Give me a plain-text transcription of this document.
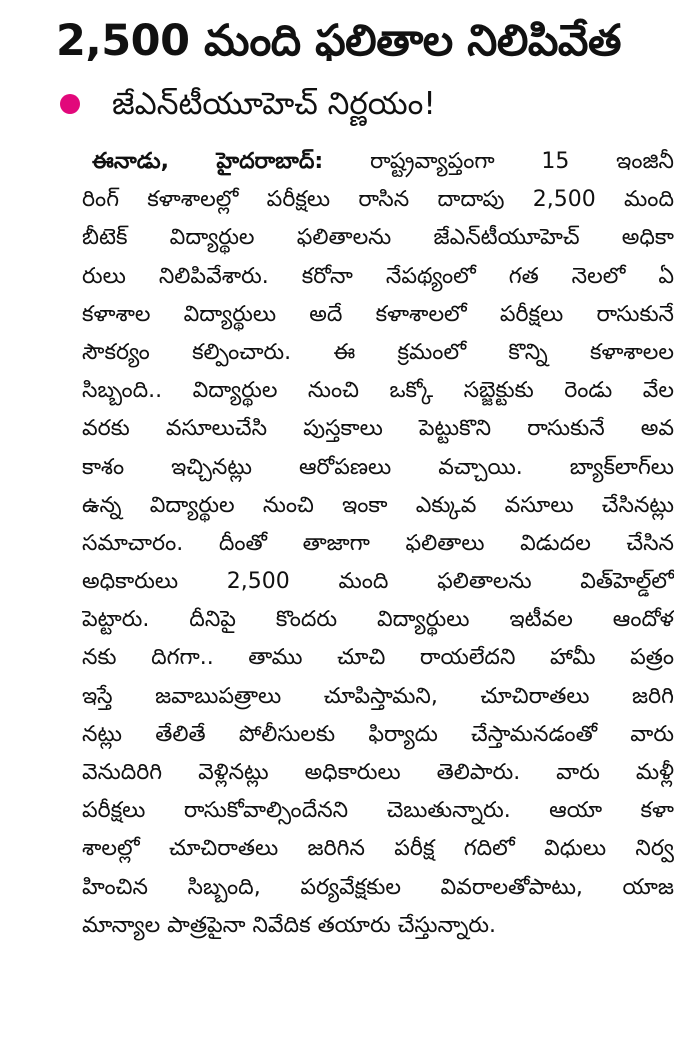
2,500 మంది ఫలితాల నిలిపివేత
జేఎన్‌టీయూహెచ్ నిర్ణయం!
ఈనాడు, హైదరాబాద్: రాష్ట్రవ్యాప్తంగా 15 ఇంజినీ
రింగ్ కళాశాలల్లో పరీక్షలు రాసిన దాదాపు 2,500 మంది
బీటెక్ విద్యార్థుల ఫలితాలను జేఎన్‌టీయూహెచ్ అధికా
రులు నిలిపివేశారు. కరోనా నేపథ్యంలో గత నెలలో ఏ
కళాశాల విద్యార్థులు అదే కళాశాలలో పరీక్షలు రాసుకునే
సౌకర్యం కల్పించారు. ఈ క్రమంలో కొన్ని కళాశాలల
సిబ్బంది.. విద్యార్థుల నుంచి ఒక్కో సబ్జెక్టుకు రెండు వేల
వరకు వసూలుచేసి పుస్తకాలు పెట్టుకొని రాసుకునే అవ
కాశం ఇచ్చినట్లు ఆరోపణలు వచ్చాయి. బ్యాక్‌లాగ్‌లు
ఉన్న విద్యార్థుల నుంచి ఇంకా ఎక్కువ వసూలు చేసినట్లు
సమాచారం. దీంతో తాజాగా ఫలితాలు విడుదల చేసిన
అధికారులు 2,500 మంది ఫలితాలను విత్‌హెల్డ్‌లో
పెట్టారు. దీనిపై కొందరు విద్యార్థులు ఇటీవల ఆందోళ
నకు దిగగా.. తాము చూచి రాయలేదని హామీ పత్రం
ఇస్తే జవాబుపత్రాలు చూపిస్తామని, చూచిరాతలు జరిగి
నట్లు తేలితే పోలీసులకు ఫిర్యాదు చేస్తామనడంతో వారు
వెనుదిరిగి వెళ్లినట్లు అధికారులు తెలిపారు. వారు మళ్లీ
పరీక్షలు రాసుకోవాల్సిందేనని చెబుతున్నారు. ఆయా కళా
శాలల్లో చూచిరాతలు జరిగిన పరీక్ష గదిలో విధులు నిర్వ
హించిన సిబ్బంది, పర్యవేక్షకుల వివరాలతోపాటు, యాజ
మాన్యాల పాత్రపైనా నివేదిక తయారు చేస్తున్నారు.
